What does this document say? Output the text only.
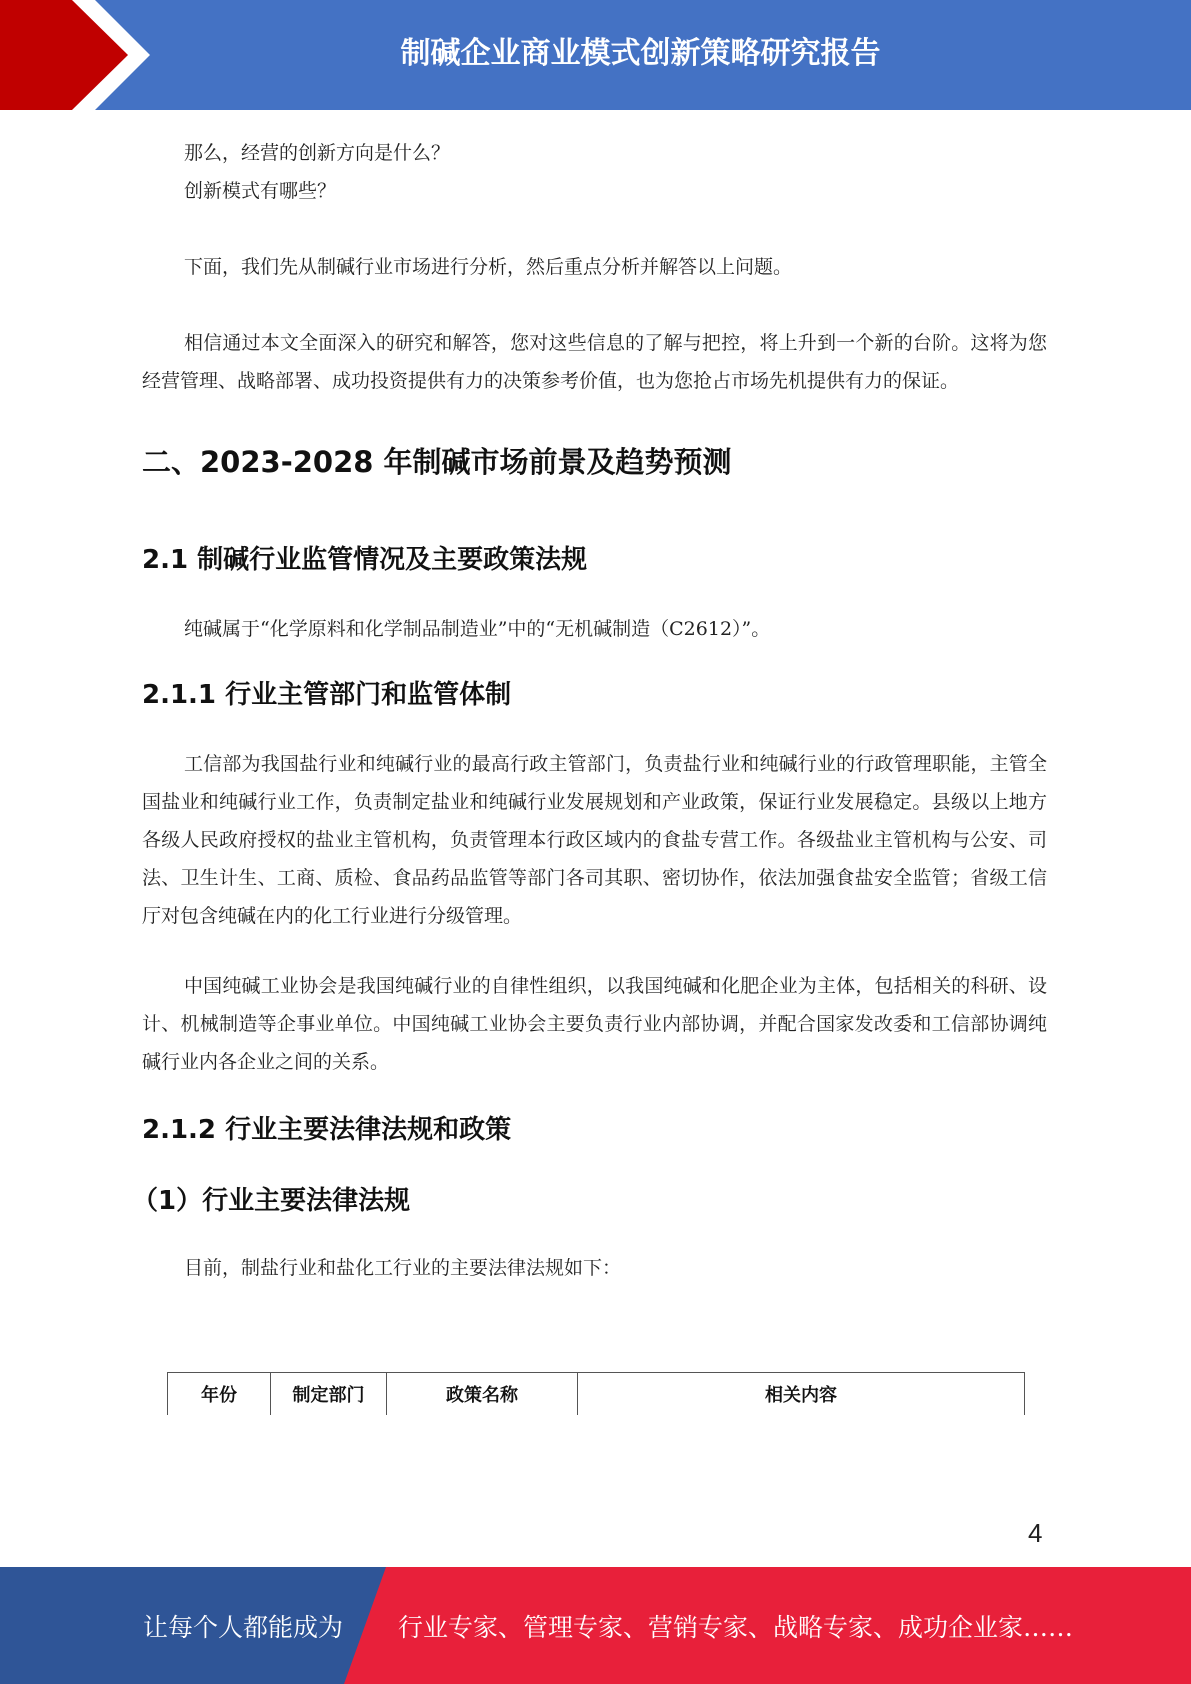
制碱企业商业模式创新策略研究报告

那么，经营的创新方向是什么？

创新模式有哪些？

下面，我们先从制碱行业市场进行分析，然后重点分析并解答以上问题。

相信通过本文全面深入的研究和解答，您对这些信息的了解与把控，将上升到一个新的台阶。这将为您经营管理、战略部署、成功投资提供有力的决策参考价值，也为您抢占市场先机提供有力的保证。

二、2023-2028 年制碱市场前景及趋势预测
2.1 制碱行业监管情况及主要政策法规

纯碱属于“化学原料和化学制品制造业”中的“无机碱制造（C2612）”。

2.1.1 行业主管部门和监管体制

工信部为我国盐行业和纯碱行业的最高行政主管部门，负责盐行业和纯碱行业的行政管理职能，主管全国盐业和纯碱行业工作，负责制定盐业和纯碱行业发展规划和产业政策，保证行业发展稳定。县级以上地方各级人民政府授权的盐业主管机构，负责管理本行政区域内的食盐专营工作。各级盐业主管机构与公安、司法、卫生计生、工商、质检、食品药品监管等部门各司其职、密切协作，依法加强食盐安全监管；省级工信厅对包含纯碱在内的化工行业进行分级管理。

中国纯碱工业协会是我国纯碱行业的自律性组织，以我国纯碱和化肥企业为主体，包括相关的科研、设计、机械制造等企事业单位。中国纯碱工业协会主要负责行业内部协调，并配合国家发改委和工信部协调纯碱行业内各企业之间的关系。

2.1.2 行业主要法律法规和政策
（1）行业主要法律法规

目前，制盐行业和盐化工行业的主要法律法规如下：

年份	制定部门	政策名称	相关内容
4
让每个人都能成为 行业专家、管理专家、营销专家、战略专家、成功企业家……
